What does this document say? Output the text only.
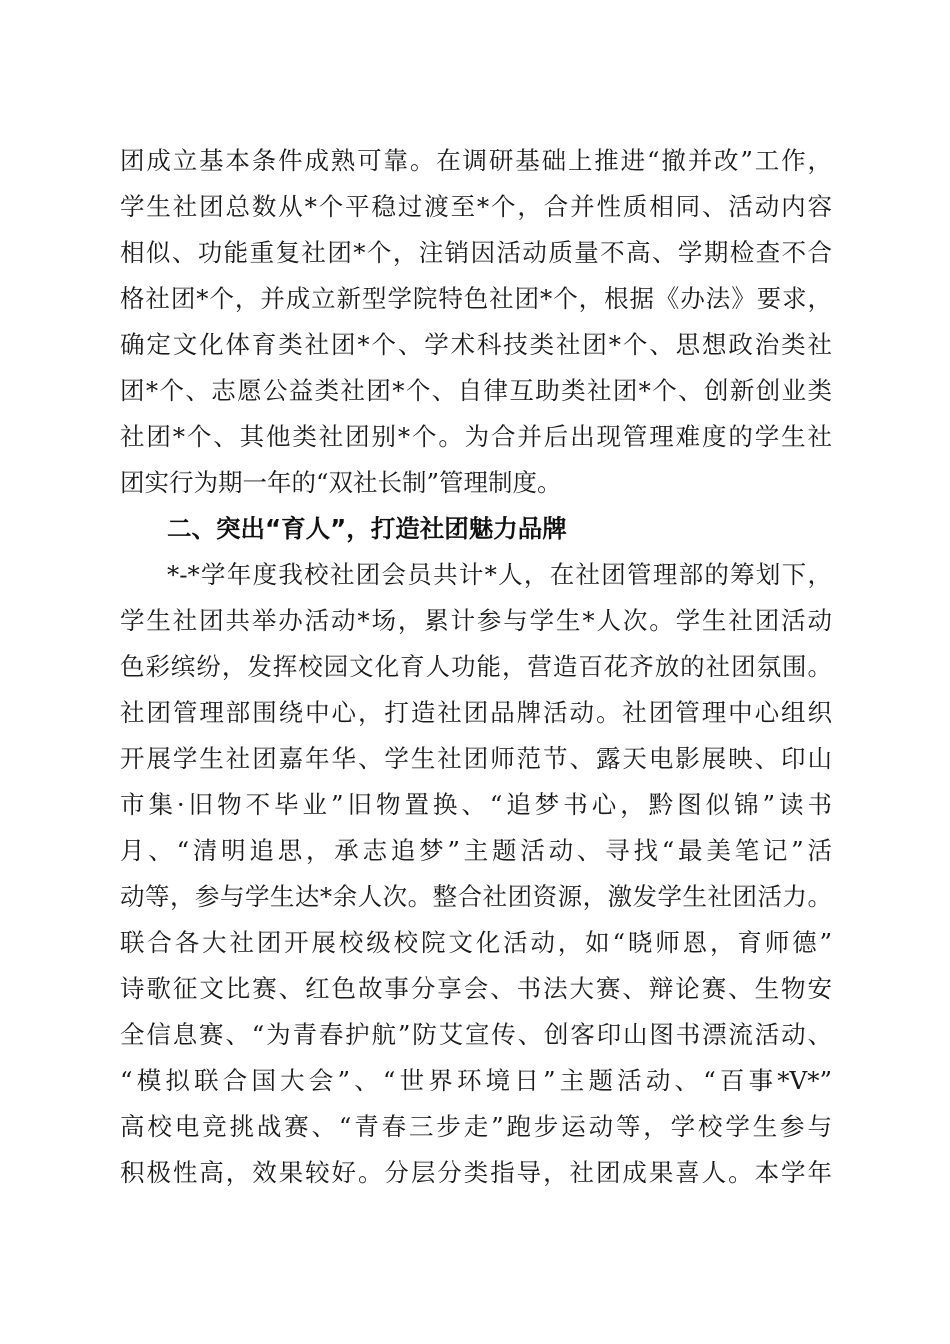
团成立基本条件成熟可靠。在调研基础上推进“撤并改”工作，
学生社团总数从*个平稳过渡至*个，合并性质相同、活动内容
相似、功能重复社团*个，注销因活动质量不高、学期检查不合
格社团*个，并成立新型学院特色社团*个，根据《办法》要求，
确定文化体育类社团*个、学术科技类社团*个、思想政治类社
团*个、志愿公益类社团*个、自律互助类社团*个、创新创业类
社团*个、其他类社团别*个。为合并后出现管理难度的学生社
团实行为期一年的“双社长制”管理制度。
二、突出“育人”，打造社团魅力品牌
*-*学年度我校社团会员共计*人，在社团管理部的筹划下，
学生社团共举办活动*场，累计参与学生*人次。学生社团活动
色彩缤纷，发挥校园文化育人功能，营造百花齐放的社团氛围。
社团管理部围绕中心，打造社团品牌活动。社团管理中心组织
开展学生社团嘉年华、学生社团师范节、露天电影展映、印山
市集·旧物不毕业”旧物置换、“追梦书心，黔图似锦”读书
月、“清明追思，承志追梦”主题活动、寻找“最美笔记”活
动等，参与学生达*余人次。整合社团资源，激发学生社团活力。
联合各大社团开展校级校院文化活动，如“晓师恩，育师德”
诗歌征文比赛、红色故事分享会、书法大赛、辩论赛、生物安
全信息赛、“为青春护航”防艾宣传、创客印山图书漂流活动、
“模拟联合国大会”、“世界环境日”主题活动、“百事*V*”
高校电竞挑战赛、“青春三步走”跑步运动等，学校学生参与
积极性高，效果较好。分层分类指导，社团成果喜人。本学年
